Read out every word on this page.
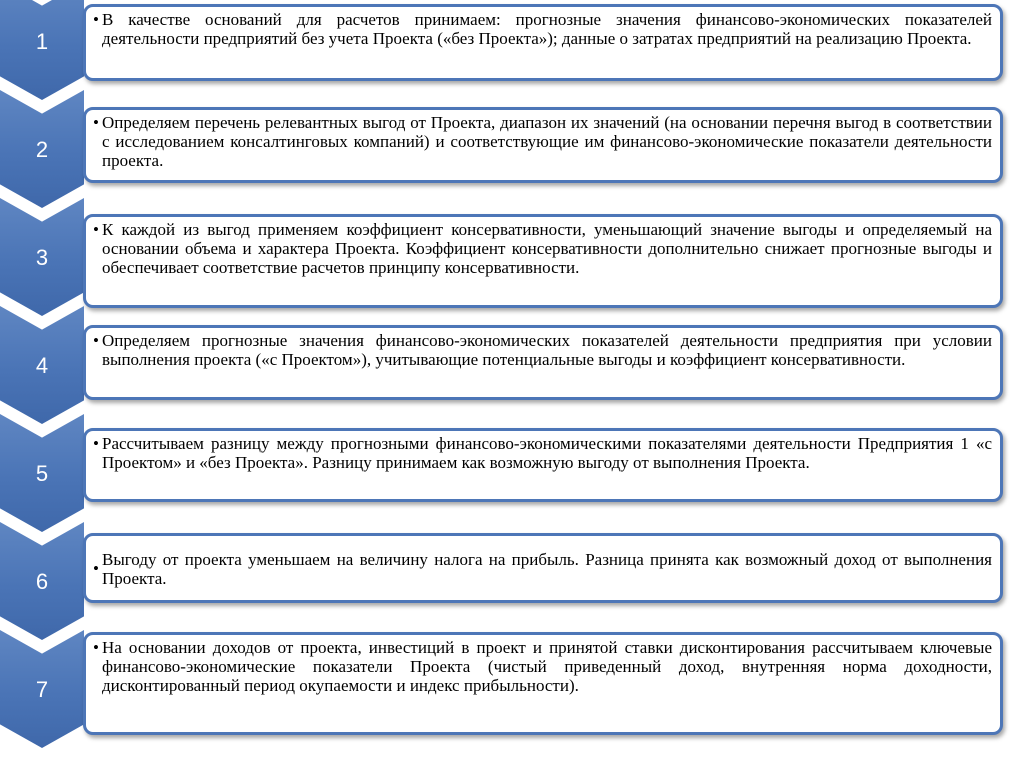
1
• В качестве оснований для расчетов принимаем: прогнозные значения финансово-экономических показателей деятельности предприятий без учета Проекта («без Проекта»); данные о затратах предприятий на реализацию Проекта.
2
• Определяем перечень релевантных выгод от Проекта, диапазон их значений (на основании перечня выгод в соответствии с исследованием консалтинговых компаний) и соответствующие им финансово-экономические показатели деятельности проекта.
3
• К каждой из выгод применяем коэффициент консервативности, уменьшающий значение выгоды и определяемый на основании объема и характера Проекта. Коэффициент консервативности дополнительно снижает прогнозные выгоды и обеспечивает соответствие расчетов принципу консервативности.
4
• Определяем прогнозные значения финансово-экономических показателей деятельности предприятия при условии выполнения проекта («с Проектом»), учитывающие потенциальные выгоды и коэффициент консервативности.
5
• Рассчитываем разницу между прогнозными финансово-экономическими показателями деятельности Предприятия 1 «с Проектом» и «без Проекта». Разницу принимаем как возможную выгоду от выполнения Проекта.
6
• Выгоду от проекта уменьшаем на величину налога на прибыль. Разница принята как возможный доход от выполнения Проекта.
7
• На основании доходов от проекта, инвестиций в проект и принятой ставки дисконтирования рассчитываем ключевые финансово-экономические показатели Проекта (чистый приведенный доход, внутренняя норма доходности, дисконтированный период окупаемости и индекс прибыльности).
